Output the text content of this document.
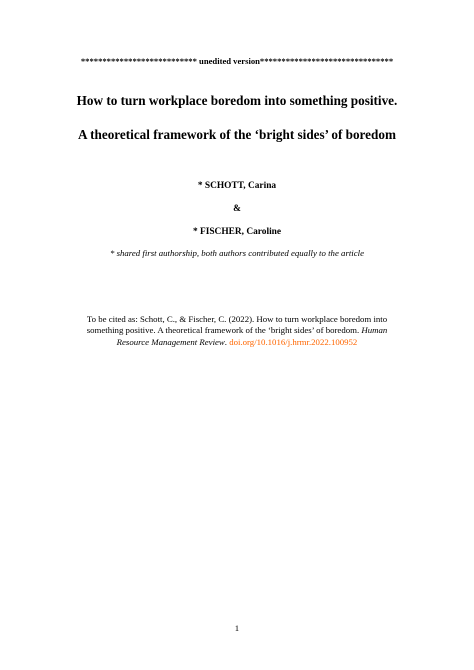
*************************** unedited version*******************************
How to turn workplace boredom into something positive.
A theoretical framework of the ‘bright sides’ of boredom
* SCHOTT, Carina
&
* FISCHER, Caroline
* shared first authorship, both authors contributed equally to the article
To be cited as: Schott, C., & Fischer, C. (2022). How to turn workplace boredom into
something positive. A theoretical framework of the ‘bright sides’ of boredom. Human
Resource Management Review. doi.org/10.1016/j.hrmr.2022.100952
1
